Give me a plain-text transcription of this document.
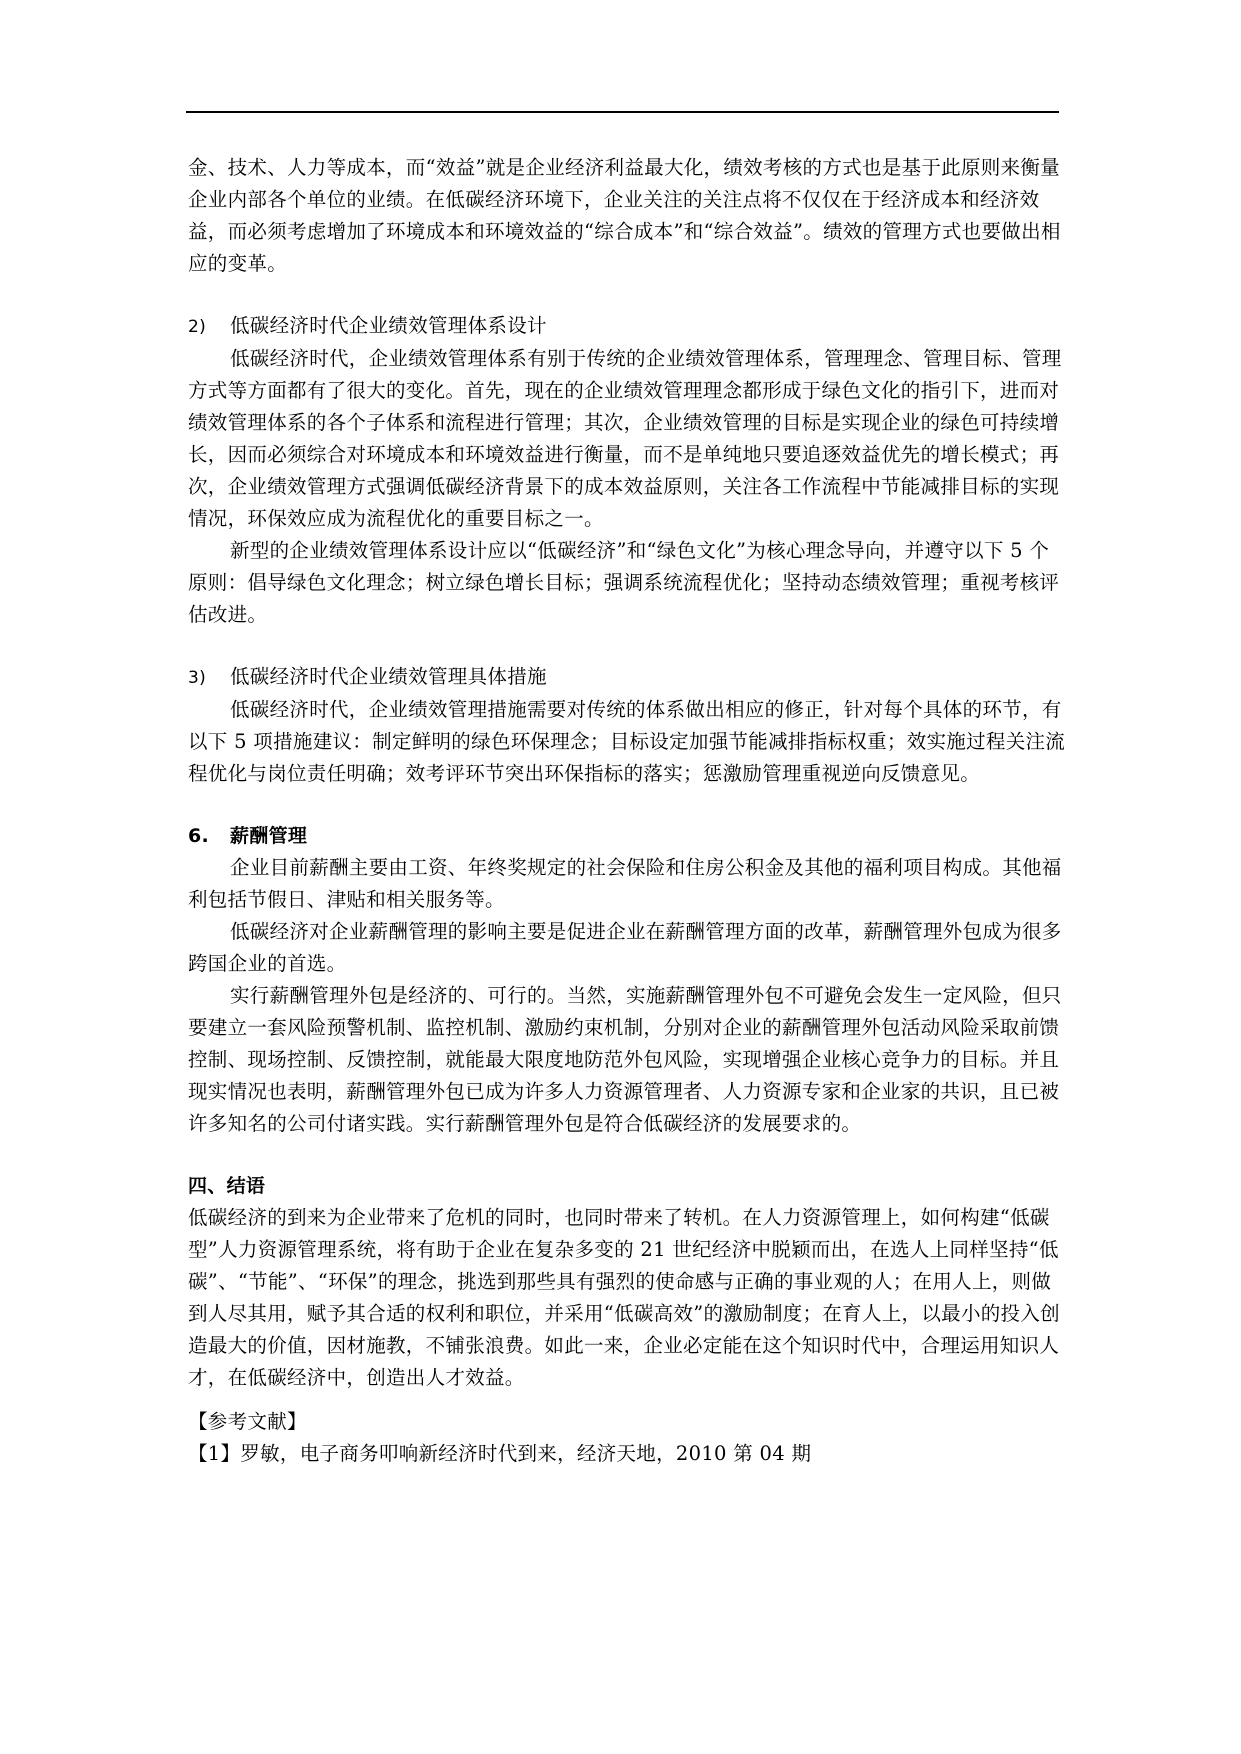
金、技术、人力等成本，而“效益”就是企业经济利益最大化，绩效考核的方式也是基于此原则来衡量企业内部各个单位的业绩。在低碳经济环境下，企业关注的关注点将不仅仅在于经济成本和经济效益，而必须考虑增加了环境成本和环境效益的“综合成本”和“综合效益”。绩效的管理方式也要做出相应的变革。

2) 低碳经济时代企业绩效管理体系设计

低碳经济时代，企业绩效管理体系有别于传统的企业绩效管理体系，管理理念、管理目标、管理方式等方面都有了很大的变化。首先，现在的企业绩效管理理念都形成于绿色文化的指引下，进而对绩效管理体系的各个子体系和流程进行管理；其次，企业绩效管理的目标是实现企业的绿色可持续增长，因而必须综合对环境成本和环境效益进行衡量，而不是单纯地只要追逐效益优先的增长模式；再次，企业绩效管理方式强调低碳经济背景下的成本效益原则，关注各工作流程中节能减排目标的实现情况，环保效应成为流程优化的重要目标之一。

新型的企业绩效管理体系设计应以“低碳经济”和“绿色文化”为核心理念导向，并遵守以下 5 个原则：倡导绿色文化理念；树立绿色增长目标；强调系统流程优化；坚持动态绩效管理；重视考核评估改进。

3) 低碳经济时代企业绩效管理具体措施

低碳经济时代，企业绩效管理措施需要对传统的体系做出相应的修正，针对每个具体的环节，有以下 5 项措施建议：制定鲜明的绿色环保理念；目标设定加强节能减排指标权重；效实施过程关注流程优化与岗位责任明确；效考评环节突出环保指标的落实；惩激励管理重视逆向反馈意见。

6. 薪酬管理

企业目前薪酬主要由工资、年终奖规定的社会保险和住房公积金及其他的福利项目构成。其他福利包括节假日、津贴和相关服务等。

低碳经济对企业薪酬管理的影响主要是促进企业在薪酬管理方面的改革，薪酬管理外包成为很多跨国企业的首选。

实行薪酬管理外包是经济的、可行的。当然，实施薪酬管理外包不可避免会发生一定风险，但只要建立一套风险预警机制、监控机制、激励约束机制，分别对企业的薪酬管理外包活动风险采取前馈控制、现场控制、反馈控制，就能最大限度地防范外包风险，实现增强企业核心竞争力的目标。并且现实情况也表明，薪酬管理外包已成为许多人力资源管理者、人力资源专家和企业家的共识，且已被许多知名的公司付诸实践。实行薪酬管理外包是符合低碳经济的发展要求的。

四、结语

低碳经济的到来为企业带来了危机的同时，也同时带来了转机。在人力资源管理上，如何构建“低碳型”人力资源管理系统，将有助于企业在复杂多变的 21 世纪经济中脱颖而出，在选人上同样坚持“低碳”、“节能”、“环保”的理念，挑选到那些具有强烈的使命感与正确的事业观的人；在用人上，则做到人尽其用，赋予其合适的权利和职位，并采用“低碳高效”的激励制度；在育人上，以最小的投入创造最大的价值，因材施教，不铺张浪费。如此一来，企业必定能在这个知识时代中，合理运用知识人才，在低碳经济中，创造出人才效益。

【参考文献】

【1】罗敏，电子商务叩响新经济时代到来，经济天地，2010 第 04 期
